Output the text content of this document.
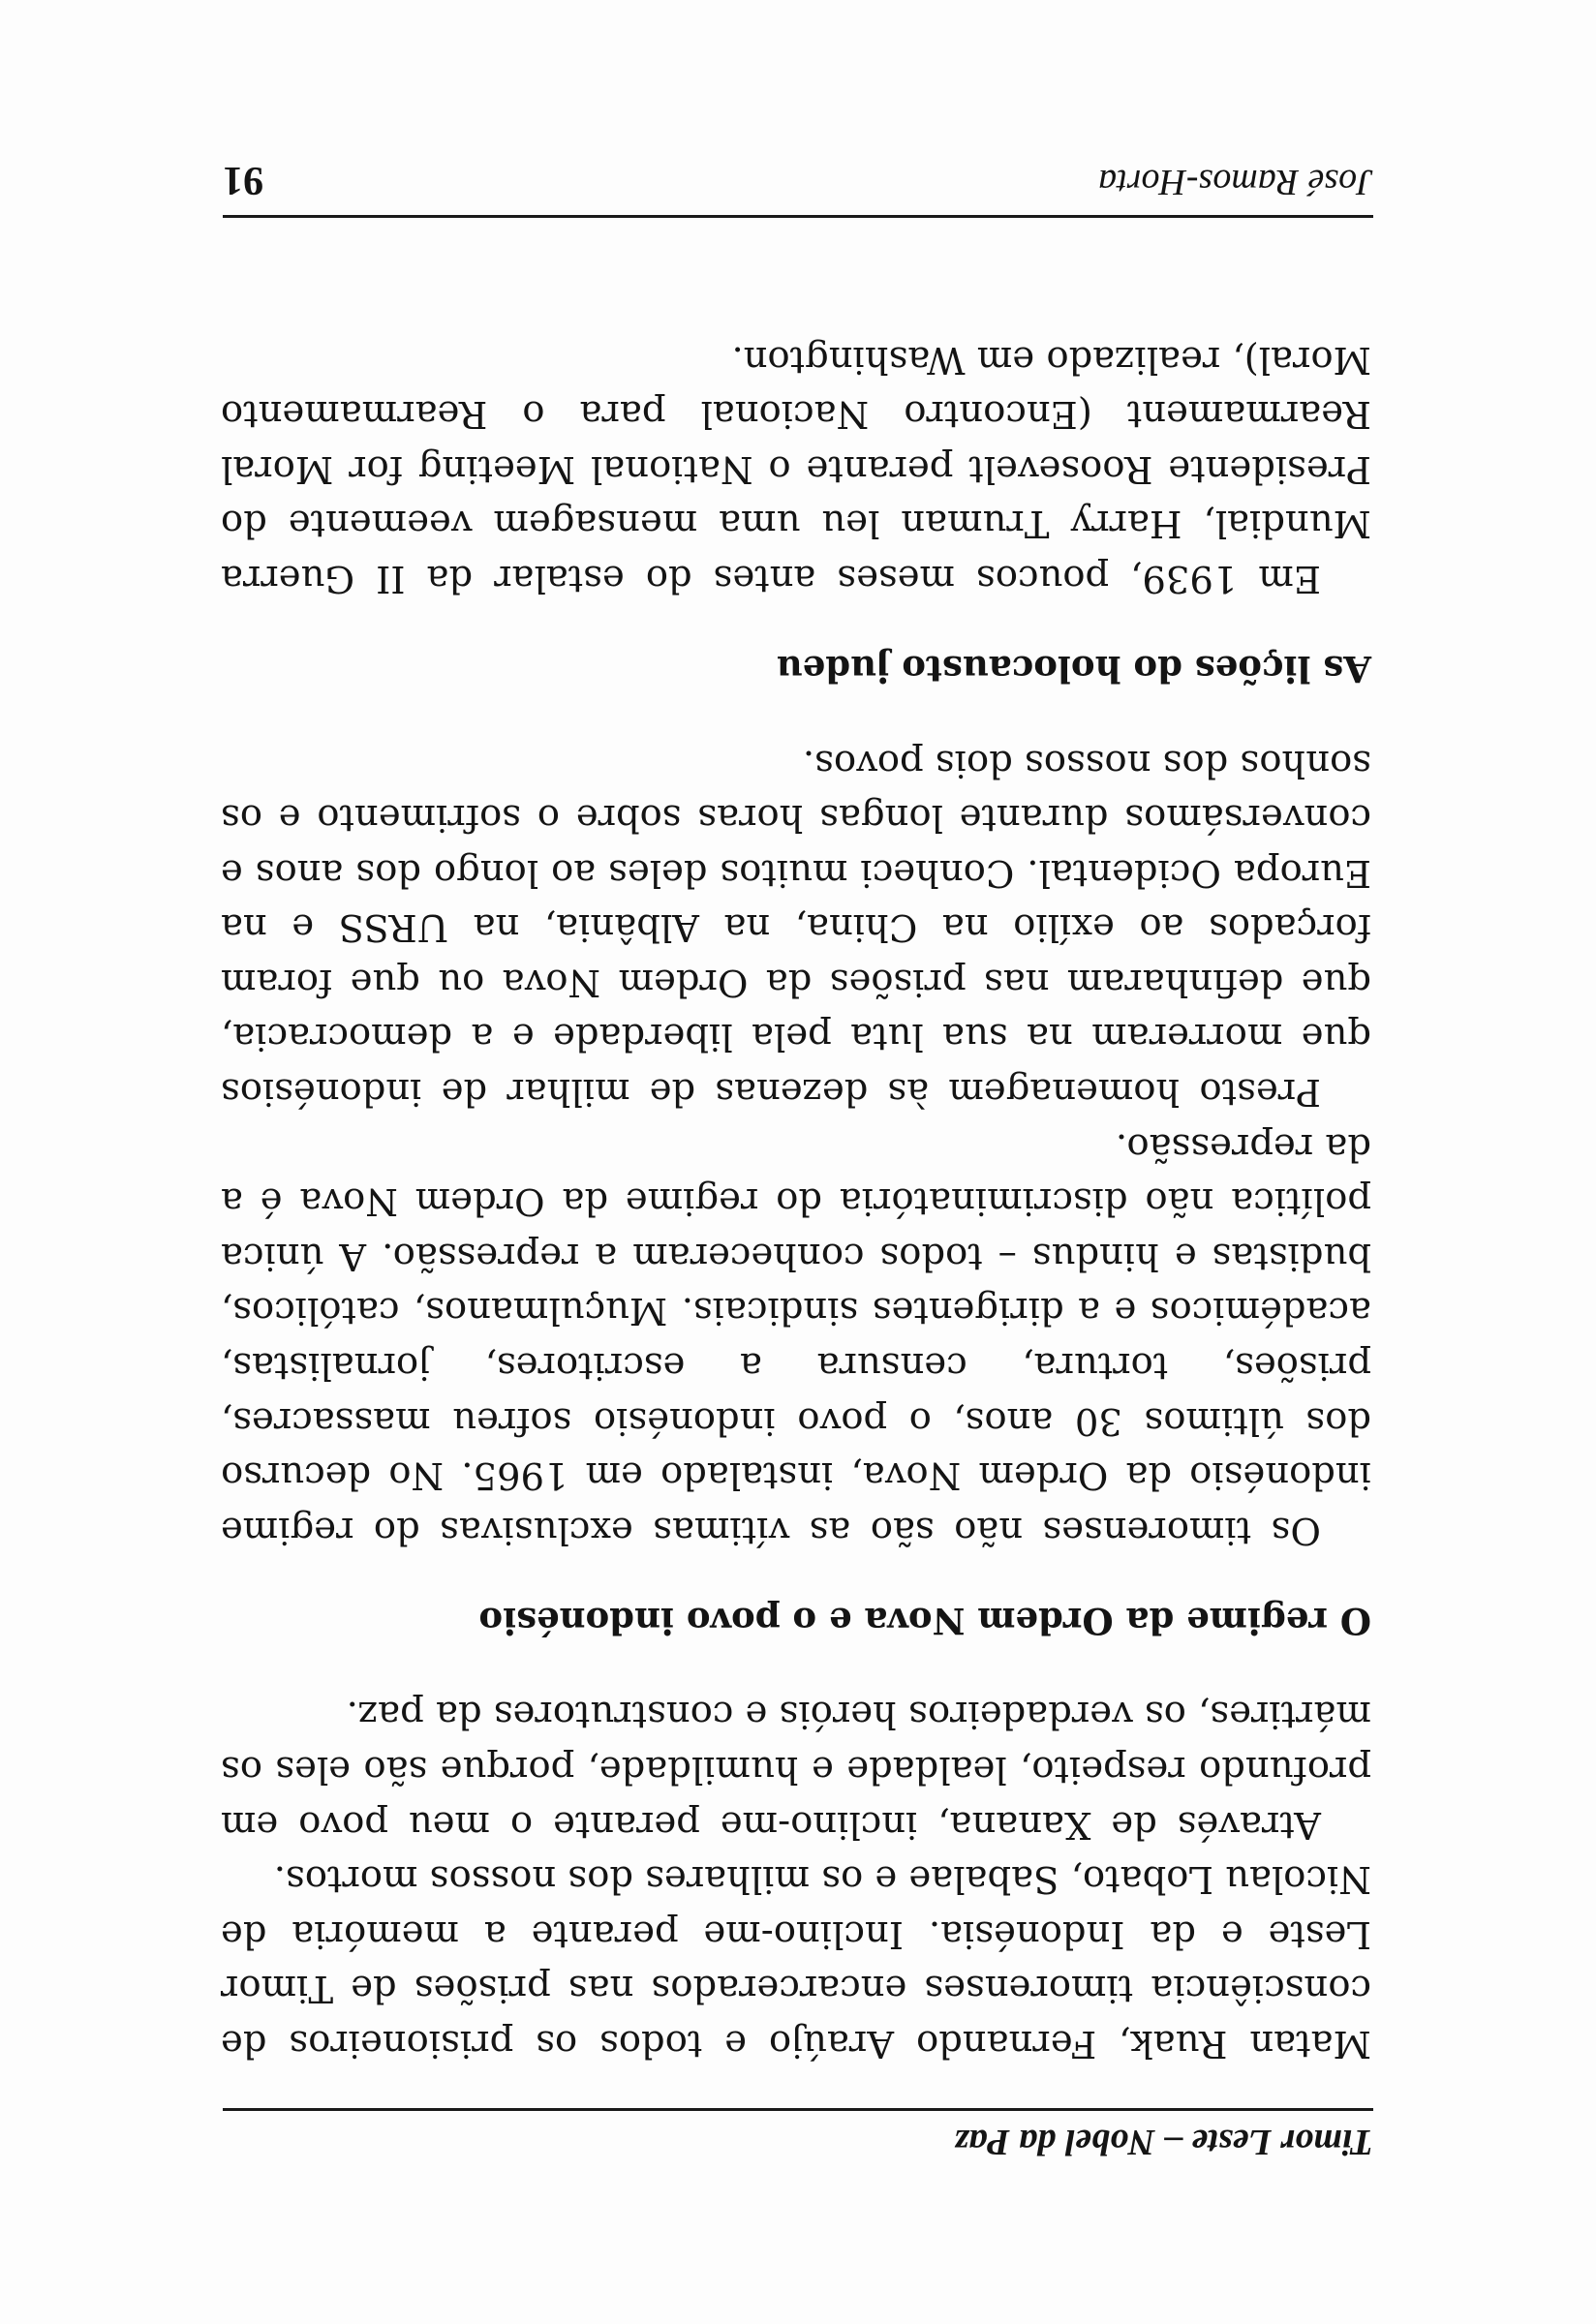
Timor Leste – Nobel da Paz

Matan Ruak, Fernando Araújo e todos os prisioneiros de consciência timorenses encarcerados nas prisões de Timor Leste e da Indonésia. Inclino-me perante a memória de Nicolau Lobato, Sabalae e os milhares dos nossos mortos.

Através de Xanana, inclino-me perante o meu povo em profundo respeito, lealdade e humildade, porque são eles os mártires, os verdadeiros heróis e construtores da paz.

O regime da Ordem Nova e o povo indonésio

Os timorenses não são as vítimas exclusivas do regime indonésio da Ordem Nova, instalado em 1965. No decurso dos últimos 30 anos, o povo indonésio sofreu massacres, prisões, tortura, censura a escritores, jornalistas, académicos e a dirigentes sindicais. Muçulmanos, católicos, budistas e hindus – todos conheceram a repressão. A única política não discriminatória do regime da Ordem Nova é a da repressão.

Presto homenagem às dezenas de milhar de indonésios que morreram na sua luta pela liberdade e a democracia, que definharam nas prisões da Ordem Nova ou que foram forçados ao exílio na China, na Albânia, na URSS e na Europa Ocidental. Conheci muitos deles ao longo dos anos e conversámos durante longas horas sobre o sofrimento e os sonhos dos nossos dois povos.

As lições do holocausto judeu

Em 1939, poucos meses antes do estalar da II Guerra Mundial, Harry Truman leu uma mensagem veemente do Presidente Roosevelt perante o National Meeting for Moral Rearmament (Encontro Nacional para o Rearmamento Moral), realizado em Washington.

José Ramos-Horta
91
